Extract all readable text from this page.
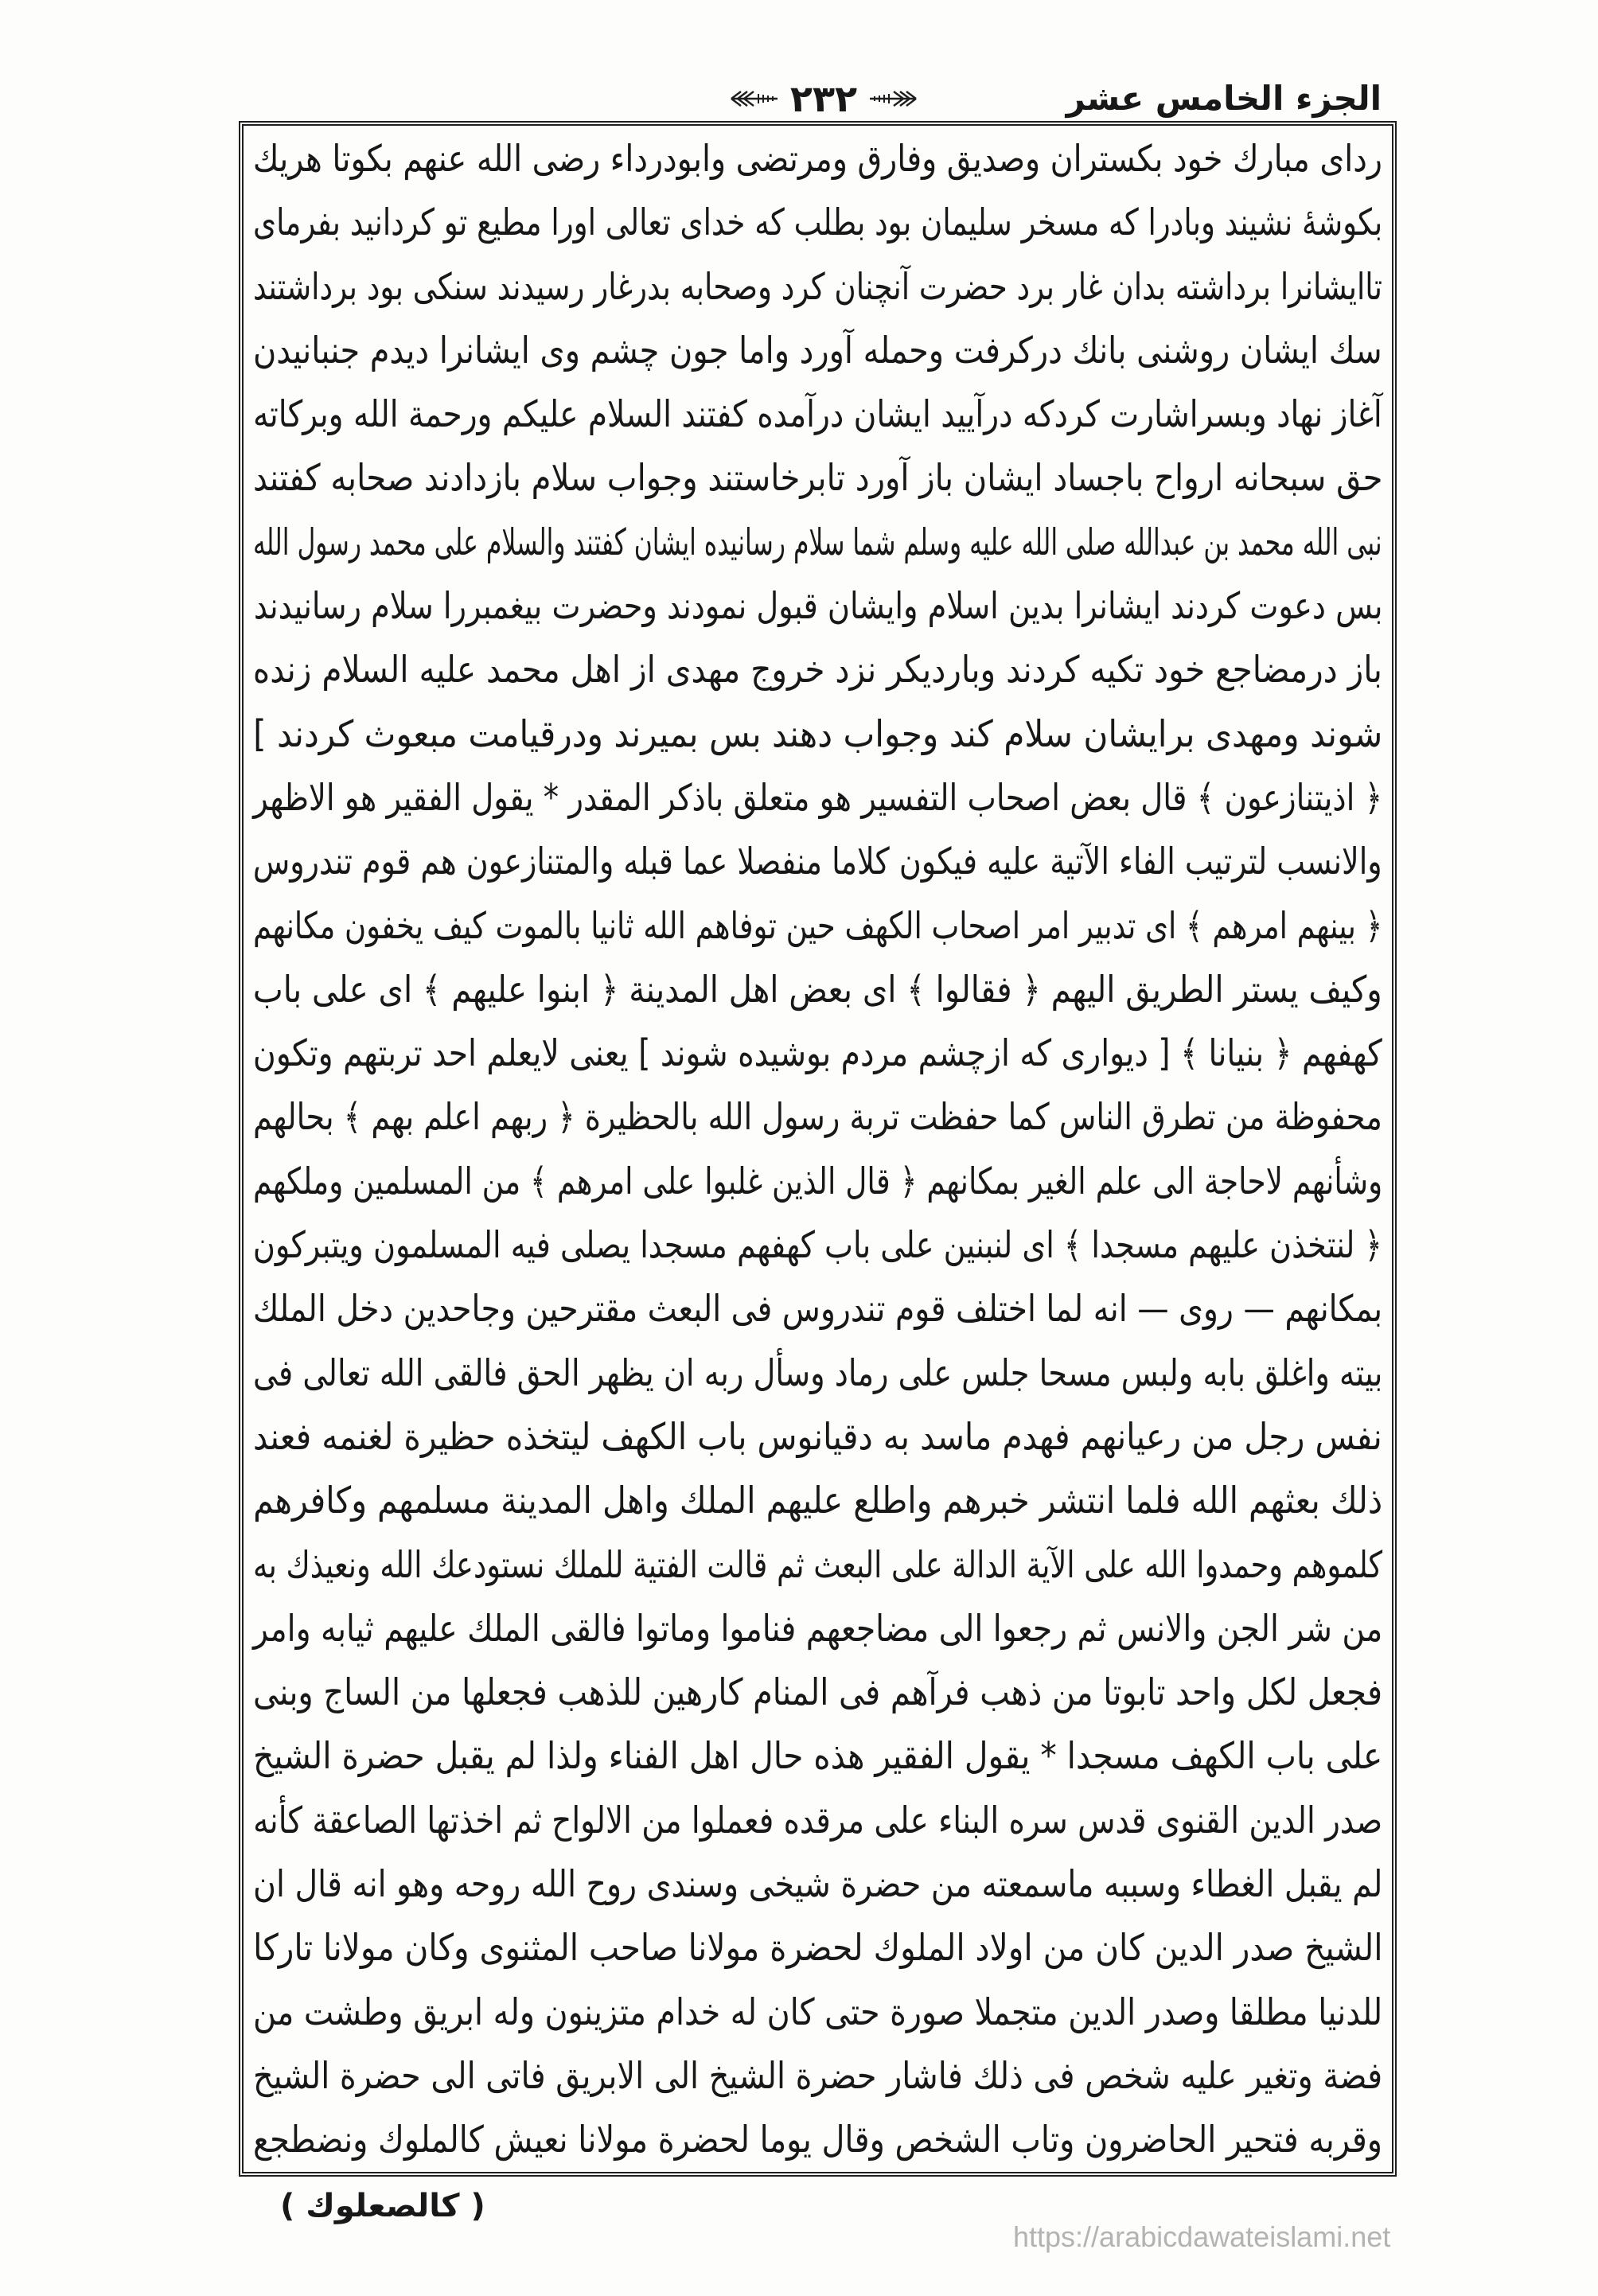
الجزء الخامس عشر
٢٣٢
ردای مبارك خود بكستران وصديق وفارق ومرتضى وابودرداء رضى الله عنهم بكوتا هريك
بكوشۀ نشيند وبادرا كه مسخر سليمان بود بطلب كه خداى تعالى اورا مطيع تو كردانيد بفرماى
تاايشانرا برداشته بدان غار برد حضرت آنچنان كرد وصحابه بدرغار رسيدند سنكى بود برداشتند
سك ايشان روشنى بانك دركرفت وحمله آورد واما جون چشم وى ايشانرا ديدم جنبانيدن
آغاز نهاد وبسراشارت كردكه درآييد ايشان درآمده كفتند السلام عليكم ورحمة الله وبركاته
حق سبحانه ارواح باجساد ايشان باز آورد تابرخاستند وجواب سلام بازدادند صحابه كفتند
نبى الله محمد بن عبدالله صلى الله عليه وسلم شما سلام رسانيده ايشان كفتند والسلام على محمد رسول الله
بس دعوت كردند ايشانرا بدين اسلام وايشان قبول نمودند وحضرت بيغمبررا سلام رسانيدند
باز درمضاجع خود تكيه كردند وبارديكر نزد خروج مهدى از اهل محمد عليه السلام زنده
شوند ومهدى برايشان سلام كند وجواب دهند بس بميرند ودرقيامت مبعوث كردند ]
﴿ اذيتنازعون ﴾ قال بعض اصحاب التفسير هو متعلق باذكر المقدر * يقول الفقير هو الاظهر
والانسب لترتيب الفاء الآتية عليه فيكون كلاما منفصلا عما قبله والمتنازعون هم قوم تندروس
﴿ بينهم امرهم ﴾ اى تدبير امر اصحاب الكهف حين توفاهم الله ثانيا بالموت كيف يخفون مكانهم
وكيف يستر الطريق اليهم ﴿ فقالوا ﴾ اى بعض اهل المدينة ﴿ ابنوا عليهم ﴾ اى على باب
كهفهم ﴿ بنيانا ﴾ [ ديوارى كه ازچشم مردم بوشيده شوند ] يعنى لايعلم احد تربتهم وتكون
محفوظة من تطرق الناس كما حفظت تربة رسول الله بالحظيرة ﴿ ربهم اعلم بهم ﴾ بحالهم
وشأنهم لاحاجة الى علم الغير بمكانهم ﴿ قال الذين غلبوا على امرهم ﴾ من المسلمين وملكهم
﴿ لنتخذن عليهم مسجدا ﴾ اى لنبنين على باب كهفهم مسجدا يصلى فيه المسلمون ويتبركون
بمكانهم — روى — انه لما اختلف قوم تندروس فى البعث مقترحين وجاحدين دخل الملك
بيته واغلق بابه ولبس مسحا جلس على رماد وسأل ربه ان يظهر الحق فالقى الله تعالى فى
نفس رجل من رعيانهم فهدم ماسد به دقيانوس باب الكهف ليتخذه حظيرة لغنمه فعند
ذلك بعثهم الله فلما انتشر خبرهم واطلع عليهم الملك واهل المدينة مسلمهم وكافرهم
كلموهم وحمدوا الله على الآية الدالة على البعث ثم قالت الفتية للملك نستودعك الله ونعيذك به
من شر الجن والانس ثم رجعوا الى مضاجعهم فناموا وماتوا فالقى الملك عليهم ثيابه وامر
فجعل لكل واحد تابوتا من ذهب فرآهم فى المنام كارهين للذهب فجعلها من الساج وبنى
على باب الكهف مسجدا * يقول الفقير هذه حال اهل الفناء ولذا لم يقبل حضرة الشيخ
صدر الدين القنوى قدس سره البناء على مرقده فعملوا من الالواح ثم اخذتها الصاعقة كأنه
لم يقبل الغطاء وسببه ماسمعته من حضرة شيخى وسندى روح الله روحه وهو انه قال ان
الشيخ صدر الدين كان من اولاد الملوك لحضرة مولانا صاحب المثنوى وكان مولانا تاركا
للدنيا مطلقا وصدر الدين متجملا صورة حتى كان له خدام متزينون وله ابريق وطشت من
فضة وتغير عليه شخص فى ذلك فاشار حضرة الشيخ الى الابريق فاتى الى حضرة الشيخ
وقربه فتحير الحاضرون وتاب الشخص وقال يوما لحضرة مولانا نعيش كالملوك ونضطجع
( كالصعلوك )
https://arabicdawateislami.net
